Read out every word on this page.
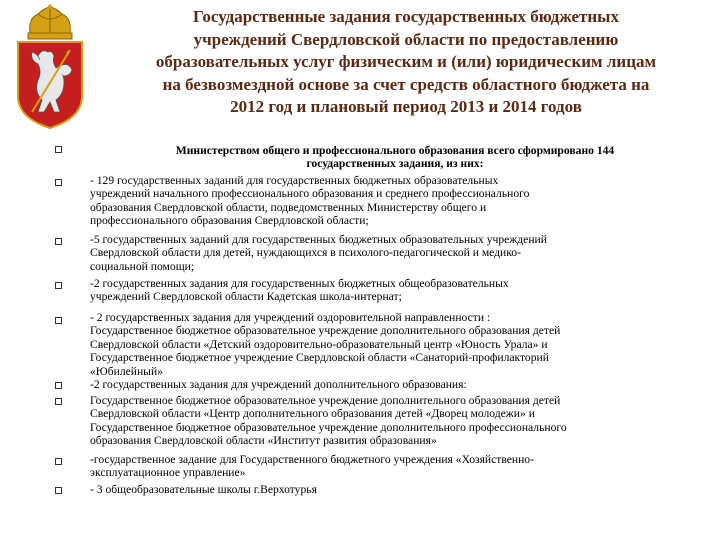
Государственные задания государственных бюджетных
учреждений Свердловской области по предоставлению
образовательных услуг физическим и (или) юридическим лицам
на безвозмездной основе за счет средств областного бюджета на
2012 год и плановый период 2013 и 2014 годов
Министерством общего и профессионального образования всего сформировано 144
государственных задания, из них:
- 129 государственных заданий для государственных бюджетных образовательных
учреждений начального профессионального образования и среднего профессионального
образования Свердловской области, подведомственных Министерству общего и
профессионального образования Свердловской области;
-5 государственных заданий для государственных бюджетных образовательных учреждений
Свердловской области для детей, нуждающихся в психолого-педагогической и медико-
социальной помощи;
-2 государственных задания для государственных бюджетных общеобразовательных
учреждений Свердловской области Кадетская школа-интернат;
- 2 государственных задания для учреждений оздоровительной направленности :
Государственное бюджетное образовательное учреждение дополнительного образования детей
Свердловской области «Детский оздоровительно-образовательный центр «Юность Урала» и
Государственное бюджетное учреждение Свердловской области «Санаторий-профилакторий
«Юбилейный»
-2 государственных задания для учреждений дополнительного образования:
Государственное бюджетное образовательное учреждение дополнительного образования детей
Свердловской области «Центр дополнительного образования детей «Дворец молодежи» и
Государственное бюджетное образовательное учреждение дополнительного профессионального
образования Свердловской области «Институт развития образования»
-государственное задание для Государственного бюджетного учреждения «Хозяйственно-
эксплуатационное управление»
- 3 общеобразовательные школы г.Верхотурья
